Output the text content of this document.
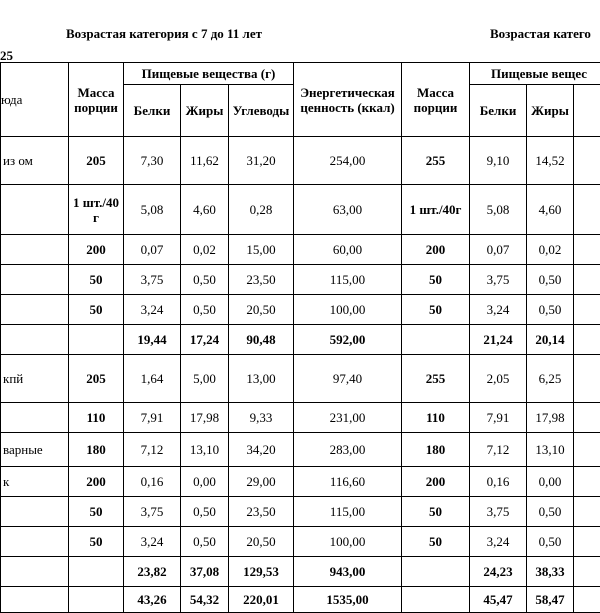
Возрастая категория с 7 до 11 лет	Возрастая катего
25
юда	Масса порции	Пищевые вещества (г)			Энергетическая ценность (ккал)	Масса порции	Пищевые вещес		
		Белки	Жиры	Углеводы			Белки	Жиры	
из ом	205	7,30	11,62	31,20	254,00	255	9,10	14,52	
	1 шт./40 г	5,08	4,60	0,28	63,00	1 шт./40г	5,08	4,60	
	200	0,07	0,02	15,00	60,00	200	0,07	0,02	
	50	3,75	0,50	23,50	115,00	50	3,75	0,50	
	50	3,24	0,50	20,50	100,00	50	3,24	0,50	
		19,44	17,24	90,48	592,00		21,24	20,14	
кпй	205	1,64	5,00	13,00	97,40	255	2,05	6,25	
	110	7,91	17,98	9,33	231,00	110	7,91	17,98	
варные	180	7,12	13,10	34,20	283,00	180	7,12	13,10	
к	200	0,16	0,00	29,00	116,60	200	0,16	0,00	
	50	3,75	0,50	23,50	115,00	50	3,75	0,50	
	50	3,24	0,50	20,50	100,00	50	3,24	0,50	
		23,82	37,08	129,53	943,00		24,23	38,33	
		43,26	54,32	220,01	1535,00		45,47	58,47	
